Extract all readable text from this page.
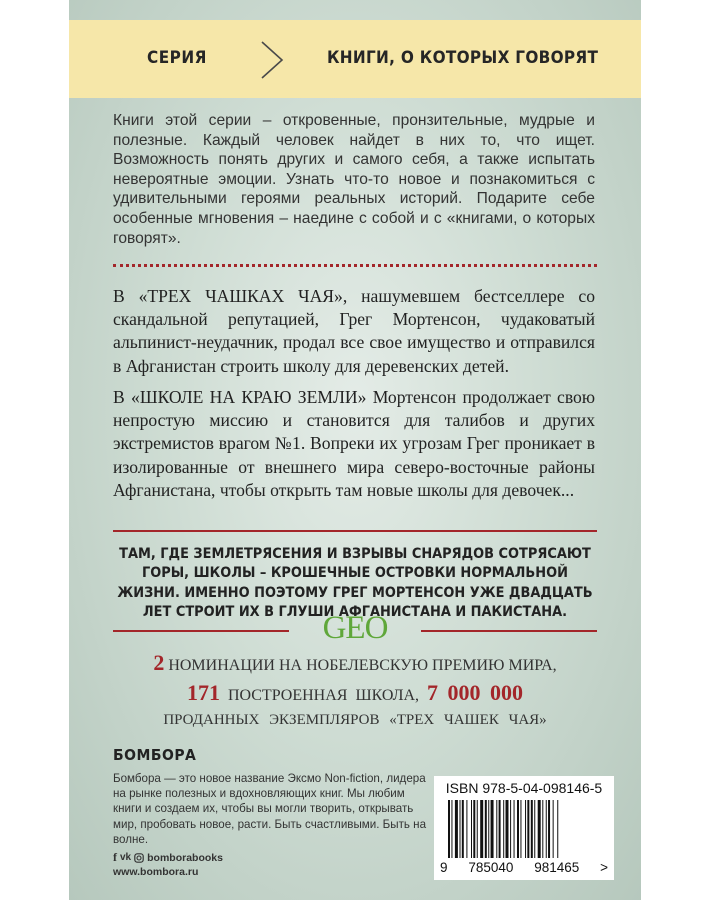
СЕРИЯ	КНИГИ, О КОТОРЫХ ГОВОРЯТ

Книги этой серии – откровенные, пронзительные, мудрые и полезные. Каждый человек найдет в них то, что ищет. Возможность понять других и самого себя, а также испытать невероятные эмоции. Узнать что-то новое и познакомиться с удивительными героями реальных историй. Подарите себе особенные мгновения – наедине с собой и с «книгами, о которых говорят».

В «ТРЕХ ЧАШКАХ ЧАЯ», нашумевшем бестселлере со скандальной репутацией, Грег Мортенсон, чудаковатый альпинист-неудачник, продал все свое имущество и отправился в Афганистан строить школу для деревенских детей.

В «ШКОЛЕ НА КРАЮ ЗЕМЛИ» Мортенсон продолжает свою непростую миссию и становится для талибов и других экстремистов врагом №1. Вопреки их угрозам Грег проникает в изолированные от внешнего мира северо-восточные районы Афганистана, чтобы открыть там новые школы для девочек...

ТАМ, ГДЕ ЗЕМЛЕТРЯСЕНИЯ И ВЗРЫВЫ СНАРЯДОВ СОТРЯСАЮТ ГОРЫ, ШКОЛЫ – КРОШЕЧНЫЕ ОСТРОВКИ НОРМАЛЬНОЙ ЖИЗНИ. ИМЕННО ПОЭТОМУ ГРЕГ МОРТЕНСОН УЖЕ ДВАДЦАТЬ ЛЕТ СТРОИТ ИХ В ГЛУШИ АФГАНИСТАНА И ПАКИСТАНА.

GEO

2 НОМИНАЦИИ НА НОБЕЛЕВСКУЮ ПРЕМИЮ МИРА,

171 ПОСТРОЕННАЯ ШКОЛА, 7 000 000

ПРОДАННЫХ ЭКЗЕМПЛЯРОВ «ТРЕХ ЧАШЕК ЧАЯ»

БОМБОРА

Бомбора — это новое название Эксмо Non-fiction, лидера на рынке полезных и вдохновляющих книг. Мы любим книги и создаем их, чтобы вы могли творить, открывать мир, пробовать новое, расти. Быть счастливыми. Быть на волне.

f vk bomborabooks
www.bombora.ru
ISBN 978-5-04-098146-5
9 785040 981465 >
